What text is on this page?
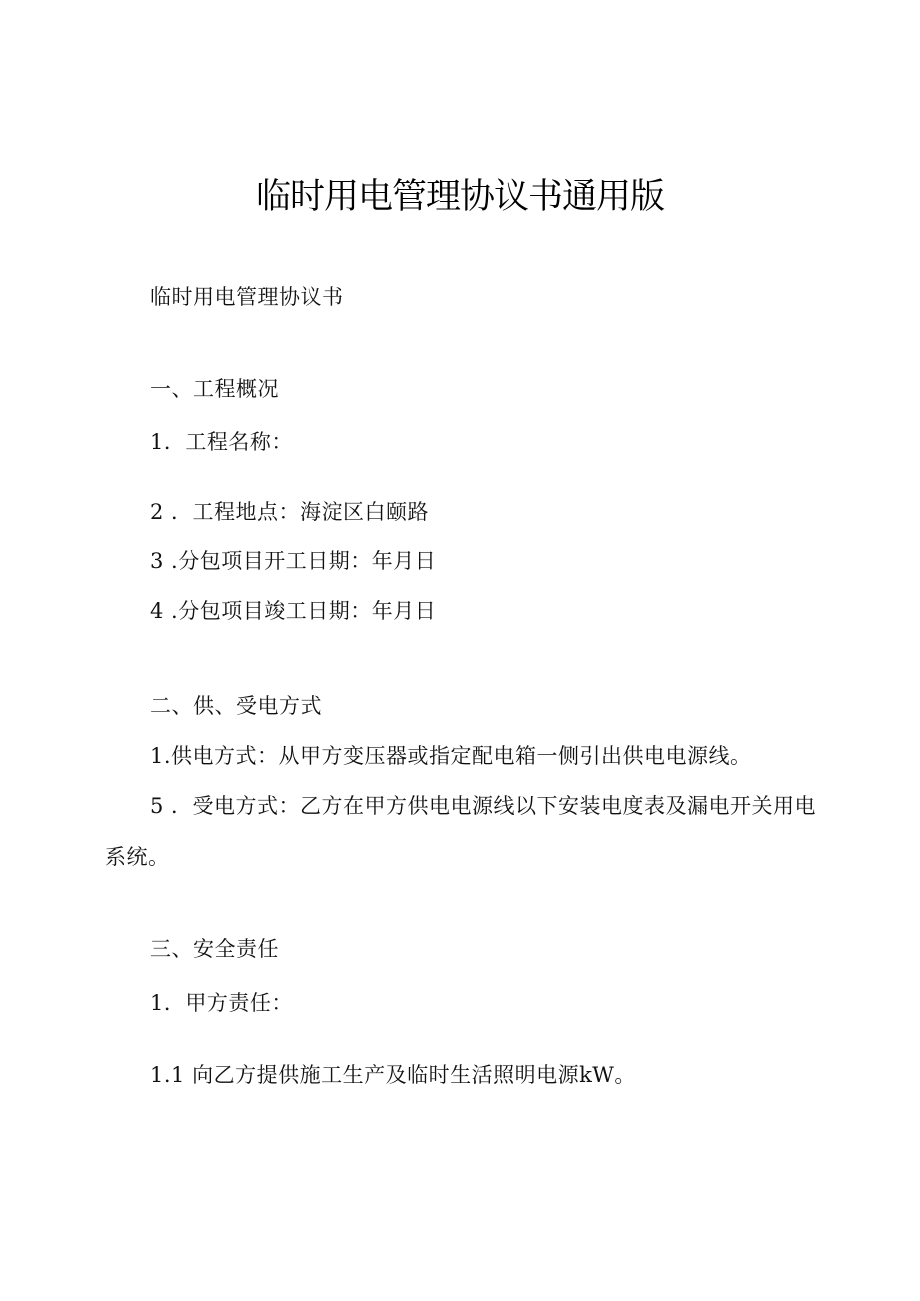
临时用电管理协议书通用版
临时用电管理协议书
一、工程概况
1．工程名称：
2 ．工程地点：海淀区白颐路
3 .分包项目开工日期：年月日
4 .分包项目竣工日期：年月日
二、供、受电方式
1.供电方式：从甲方变压器或指定配电箱一侧引出供电电源线。
5 ．受电方式：乙方在甲方供电电源线以下安装电度表及漏电开关用电
系统。
三、安全责任
1．甲方责任：
1.1 向乙方提供施工生产及临时生活照明电源kW。
